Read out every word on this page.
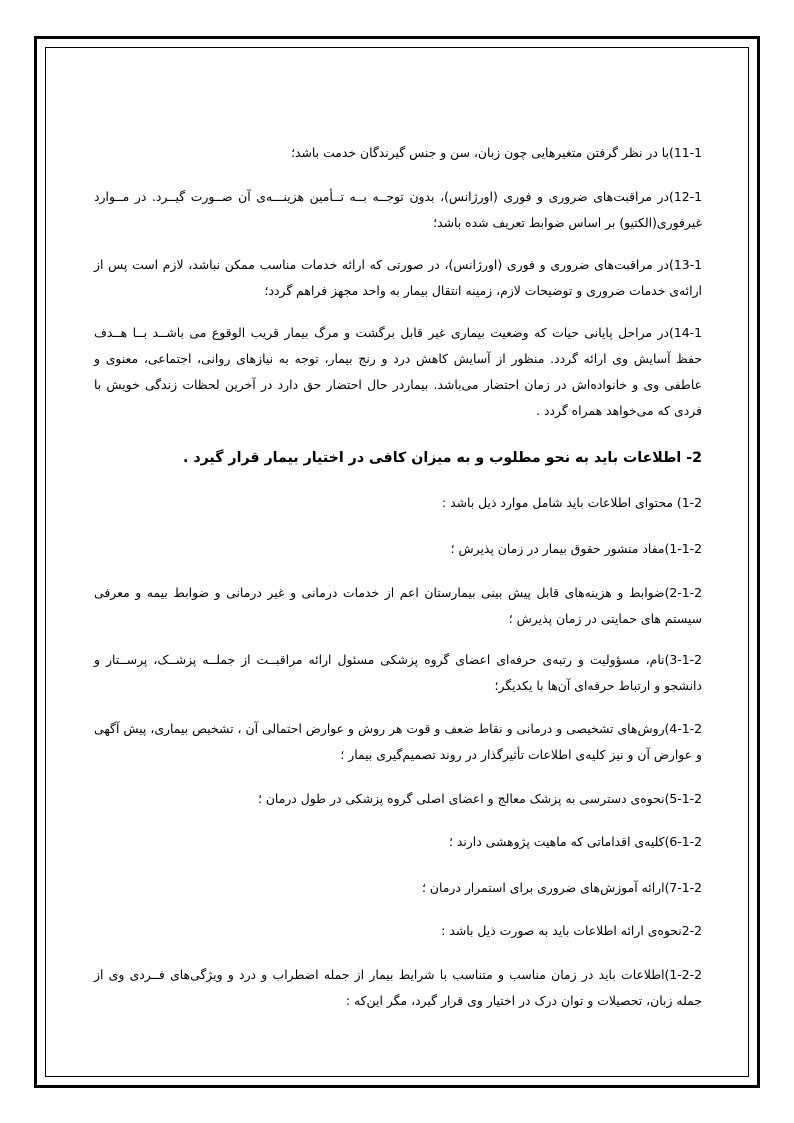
11-1)با در نظر گرفتن متغیرهایی چون زبان، سن و جنس گیرندگان خدمت باشد؛

12-1)در مراقبت‌های ضروری و فوری (اورژانس)، بدون توجــه بــه تــأمین هزینـــه‌ی آن صــورت گیــرد. در مــوارد غیرفوری(الکتیو) بر اساس ضوابط تعریف شده باشد؛

13-1)در مراقبت‌های ضروری و فوری (اورژانس)، در صورتی که ارائه خدمات مناسب ممکن نباشد، لازم است پس از ارائه‌ی خدمات ضروری و توضیحات لازم، زمینه انتقال بیمار به واحد مجهز فراهم گردد؛

14-1)در مراحل پایانی حیات که وضعیت بیماری غیر قابل برگشت و مرگ بیمار قریب الوقوع می باشــد بــا هــدف حفظ آسایش وی ارائه گردد. منظور از آسایش کاهش درد و رنج بیمار، توجه به نیازهای روانی، اجتماعی، معنوی و عاطفی وی و خانواده‌اش در زمان احتضار می‌باشد. بیماردر حال احتضار حق دارد در آخرین لحظات زندگی خویش با فردی که می‌خواهد همراه گردد .

2- اطلاعات باید به نحو مطلوب و به میزان کافی در اختیار بیمار قرار گیرد .

1-2) محتوای اطلاعات باید شامل موارد ذیل باشد :

1-1-2)مفاد منشور حقوق بیمار در زمان پذیرش ؛

2-1-2)ضوابط و هزینه‌های قابل پیش بینی بیمارستان اعم از خدمات درمانی و غیر درمانی و ضوابط بیمه و معرفی سیستم های حمایتی در زمان پذیرش ؛

3-1-2)نام، مسؤولیت و رتبه‌ی حرفه‌ای اعضای گروه پزشکی مسئول ارائه مراقبــت از جملــه پزشــک، پرســتار و دانشجو و ارتباط حرفه‌ای آن‌ها با یکدیگر؛

4-1-2)روش‌های تشخیصی و درمانی و نقاط ضعف و قوت هر روش و عوارض احتمالی آن ، تشخیص بیماری، پیش آگهی و عوارض آن و نیز کلیه‌ی اطلاعات تأثیرگذار در روند تصمیم‌گیری بیمار ؛

5-1-2)نحوه‌ی دسترسی به پزشک معالج و اعضای اصلی گروه پزشکی در طول درمان ؛

6-1-2)کلیه‌ی اقداماتی که ماهیت پژوهشی دارند ؛

7-1-2)ارائه آموزش‌های ضروری برای استمرار درمان ؛

2-2نحوه‌ی ارائه اطلاعات باید به صورت ذیل باشد :

1-2-2)اطلاعات باید در زمان مناسب و متناسب با شرایط بیمار از جمله اضطراب و درد و ویژگی‌های فــردی وی از جمله زبان، تحصیلات و توان درک در اختیار وی قرار گیرد، مگر این‌که :
